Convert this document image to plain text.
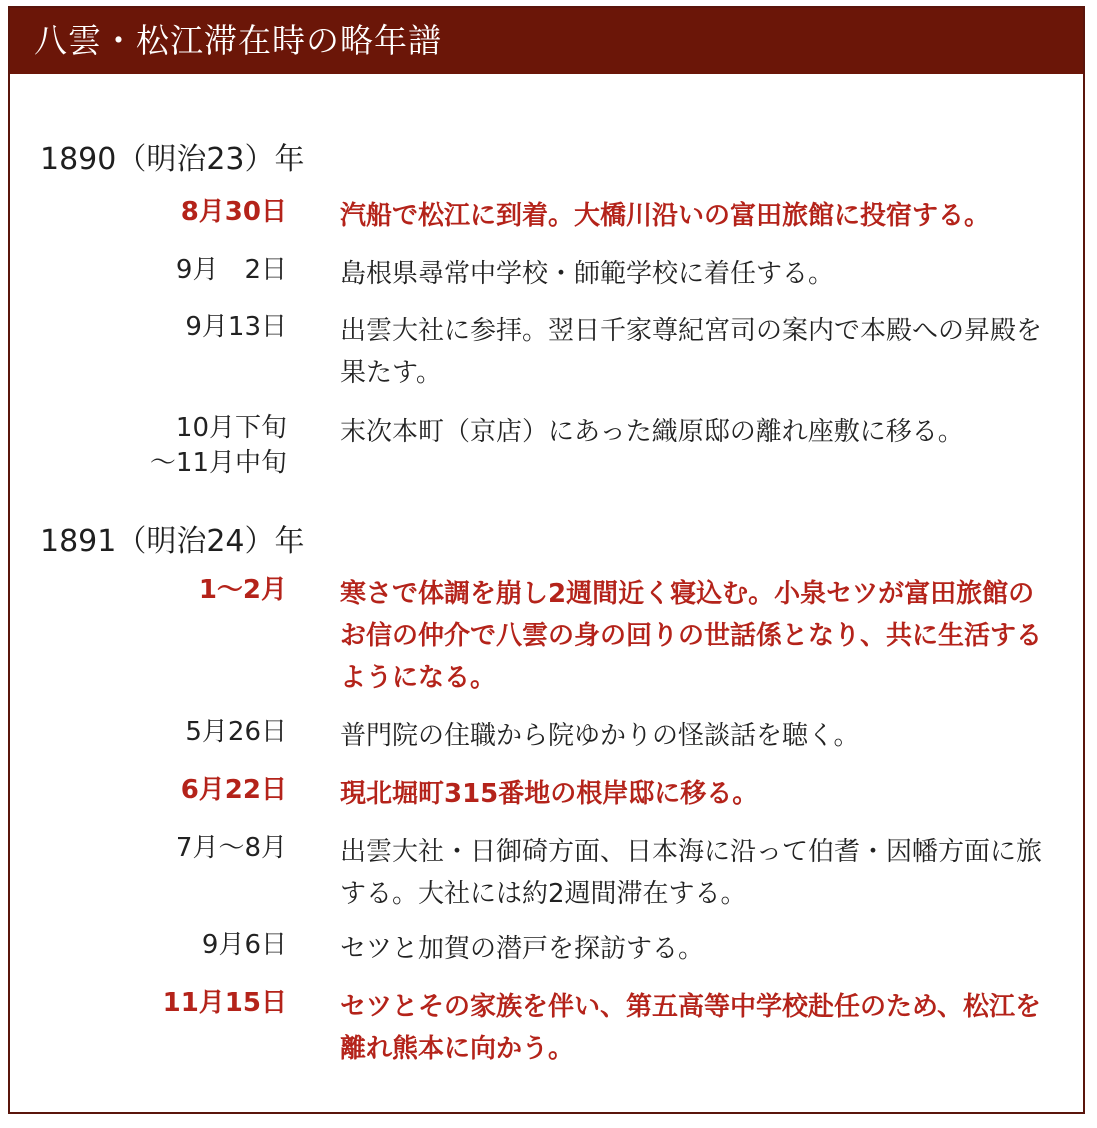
八雲・松江滞在時の略年譜
1890（明治23）年
8月30日 汽船で松江に到着。大橋川沿いの富田旅館に投宿する。
9月　2日 島根県尋常中学校・師範学校に着任する。
9月13日 出雲大社に参拝。翌日千家尊紀宮司の案内で本殿への昇殿を果たす。
10月下旬
〜11月中旬
末次本町（京店）にあった織原邸の離れ座敷に移る。
1891（明治24）年
1〜2月 寒さで体調を崩し2週間近く寝込む。小泉セツが富田旅館のお信の仲介で八雲の身の回りの世話係となり、共に生活するようになる。
5月26日 普門院の住職から院ゆかりの怪談話を聴く。
6月22日 現北堀町315番地の根岸邸に移る。
7月〜8月 出雲大社・日御碕方面、日本海に沿って伯耆・因幡方面に旅する。大社には約2週間滞在する。
9月6日 セツと加賀の潜戸を探訪する。
11月15日 セツとその家族を伴い、第五高等中学校赴任のため、松江を離れ熊本に向かう。
